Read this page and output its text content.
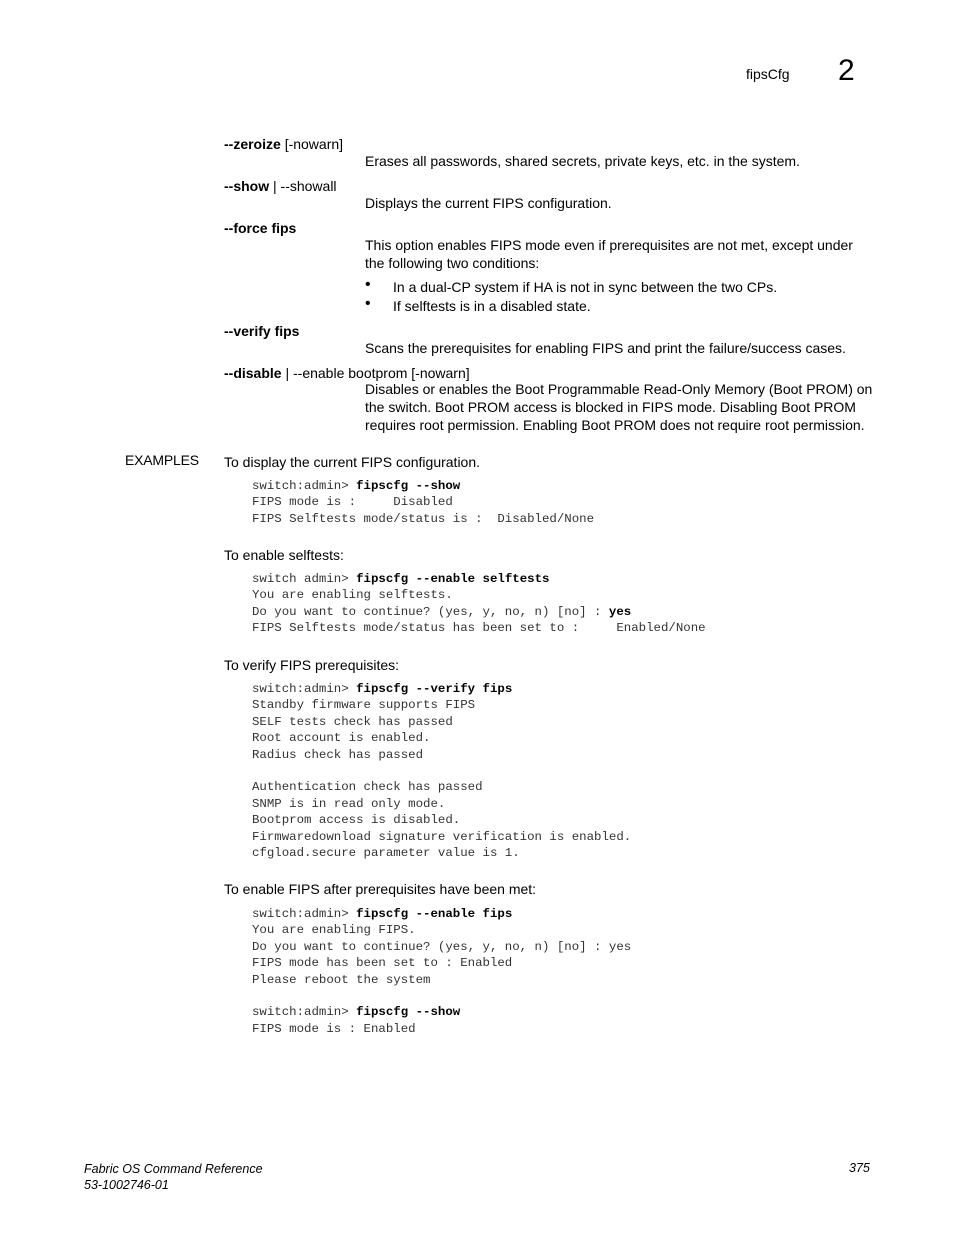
fipsCfg 2
--zeroize [-nowarn]
Erases all passwords, shared secrets, private keys, etc. in the system.
--show | --showall
Displays the current FIPS configuration.
--force fips
This option enables FIPS mode even if prerequisites are not met, except under the following two conditions:
• In a dual-CP system if HA is not in sync between the two CPs.
• If selftests is in a disabled state.
--verify fips
Scans the prerequisites for enabling FIPS and print the failure/success cases.
--disable | --enable bootprom [-nowarn]
Disables or enables the Boot Programmable Read-Only Memory (Boot PROM) on the switch. Boot PROM access is blocked in FIPS mode. Disabling Boot PROM requires root permission. Enabling Boot PROM does not require root permission.
EXAMPLES To display the current FIPS configuration.
switch:admin> fipscfg --show
FIPS mode is :     Disabled
FIPS Selftests mode/status is :  Disabled/None
To enable selftests:
switch admin> fipscfg --enable selftests
You are enabling selftests.
Do you want to continue? (yes, y, no, n) [no] : yes
FIPS Selftests mode/status has been set to :     Enabled/None
To verify FIPS prerequisites:
switch:admin> fipscfg --verify fips
Standby firmware supports FIPS
SELF tests check has passed
Root account is enabled.
Radius check has passed

Authentication check has passed
SNMP is in read only mode.
Bootprom access is disabled.
Firmwaredownload signature verification is enabled.
cfgload.secure parameter value is 1.
To enable FIPS after prerequisites have been met:
switch:admin> fipscfg --enable fips
You are enabling FIPS.
Do you want to continue? (yes, y, no, n) [no] : yes
FIPS mode has been set to : Enabled
Please reboot the system

switch:admin> fipscfg --show
FIPS mode is : Enabled
Fabric OS Command Reference
53-1002746-01
375
